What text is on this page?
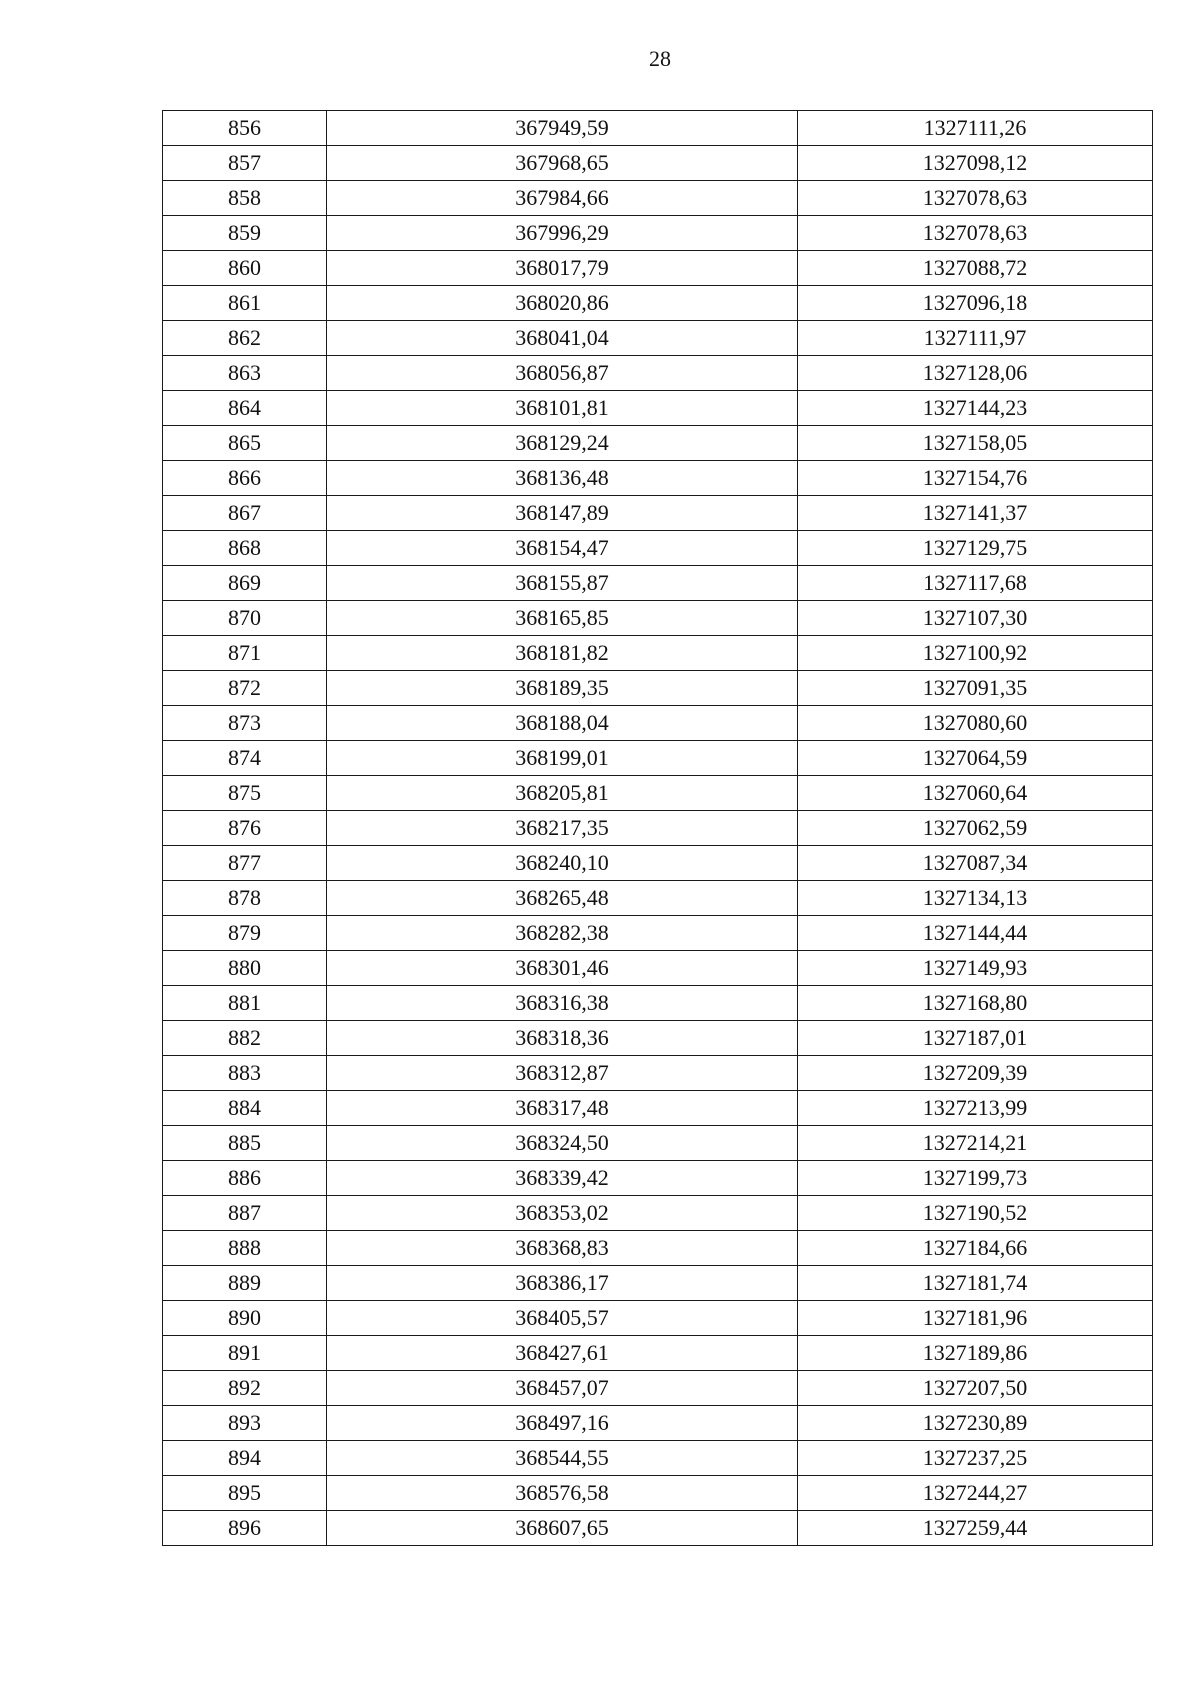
28
856	367949,59	1327111,26
857	367968,65	1327098,12
858	367984,66	1327078,63
859	367996,29	1327078,63
860	368017,79	1327088,72
861	368020,86	1327096,18
862	368041,04	1327111,97
863	368056,87	1327128,06
864	368101,81	1327144,23
865	368129,24	1327158,05
866	368136,48	1327154,76
867	368147,89	1327141,37
868	368154,47	1327129,75
869	368155,87	1327117,68
870	368165,85	1327107,30
871	368181,82	1327100,92
872	368189,35	1327091,35
873	368188,04	1327080,60
874	368199,01	1327064,59
875	368205,81	1327060,64
876	368217,35	1327062,59
877	368240,10	1327087,34
878	368265,48	1327134,13
879	368282,38	1327144,44
880	368301,46	1327149,93
881	368316,38	1327168,80
882	368318,36	1327187,01
883	368312,87	1327209,39
884	368317,48	1327213,99
885	368324,50	1327214,21
886	368339,42	1327199,73
887	368353,02	1327190,52
888	368368,83	1327184,66
889	368386,17	1327181,74
890	368405,57	1327181,96
891	368427,61	1327189,86
892	368457,07	1327207,50
893	368497,16	1327230,89
894	368544,55	1327237,25
895	368576,58	1327244,27
896	368607,65	1327259,44
